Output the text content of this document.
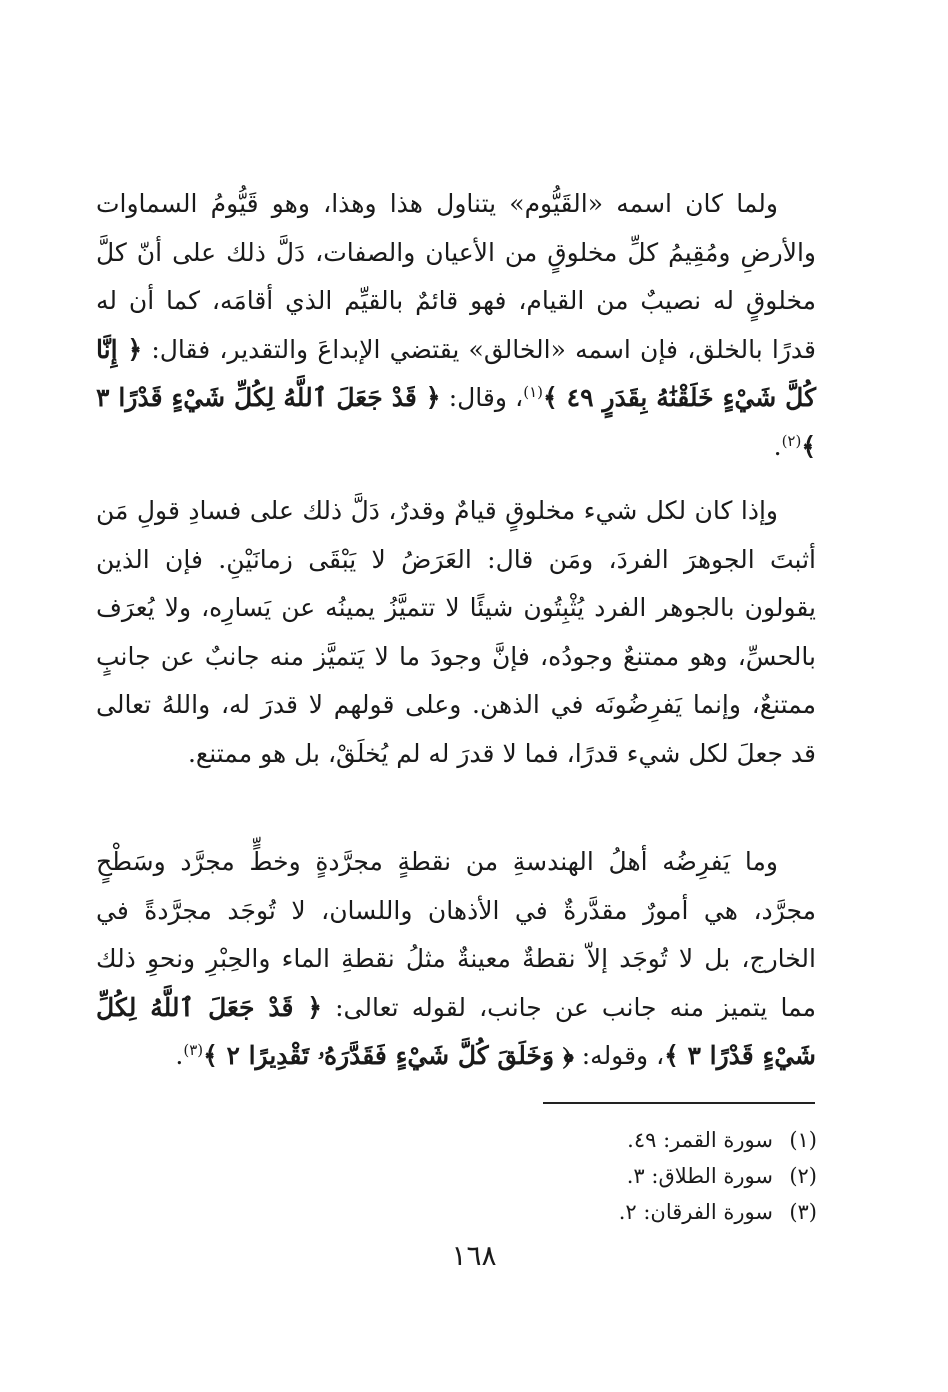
ولما كان اسمه «القَيُّوم» يتناول هذا وهذا، وهو قَيُّومُ السماوات والأرضِ ومُقِيمُ كلِّ مخلوقٍ من الأعيان والصفات، دَلَّ ذلك على أنّ كلَّ مخلوقٍ له نصيبٌ من القيام، فهو قائمٌ بالقيِّم الذي أقامَه، كما أن له قدرًا بالخلق، فإن اسمه «الخالق» يقتضي الإبداعَ والتقدير، فقال: ﴿ إِنَّا كُلَّ شَيْءٍ خَلَقْنَٰهُ بِقَدَرٍ ٤٩ ﴾$^{(١)}$، وقال: ﴿ قَدْ جَعَلَ ٱللَّهُ لِكُلِّ شَيْءٍ قَدْرًا ٣ ﴾$^{(٢)}$.

وإذا كان لكل شيء مخلوقٍ قيامٌ وقدرٌ، دَلَّ ذلك على فسادِ قولِ مَن أثبتَ الجوهرَ الفردَ، ومَن قال: العَرَضُ لا يَبْقَى زمانَيْنِ. فإن الذين يقولون بالجوهر الفرد يُثْبِتُون شيئًا لا تتميَّزُ يمينُه عن يَسارِه، ولا يُعرَف بالحسِّ، وهو ممتنعٌ وجودُه، فإنَّ وجودَ ما لا يَتميَّز منه جانبٌ عن جانبٍ ممتنعٌ، وإنما يَفرِضُونَه في الذهن. وعلى قولهم لا قدرَ له، واللهُ تعالى قد جعلَ لكل شيء قدرًا، فما لا قدرَ له لم يُخلَقْ، بل هو ممتنع.

وما يَفرِضُه أهلُ الهندسةِ من نقطةٍ مجرَّدةٍ وخطٍّ مجرَّد وسَطْحٍ مجرَّد، هي أمورٌ مقدَّرةٌ في الأذهان واللسان، لا تُوجَد مجرَّدةً في الخارج، بل لا تُوجَد إلاّ نقطةٌ معينةٌ مثلُ نقطةِ الماء والحِبْرِ ونحوِ ذلك مما يتميز منه جانب عن جانب، لقوله تعالى: ﴿ قَدْ جَعَلَ ٱللَّهُ لِكُلِّ شَيْءٍ قَدْرًا ٣ ﴾، وقوله: ﴿ وَخَلَقَ كُلَّ شَيْءٍ فَقَدَّرَهُۥ تَقْدِيرًا ٢ ﴾$^{(٣)}$.

(١)سورة القمر: ٤٩.
(٢)سورة الطلاق: ٣.
(٣)سورة الفرقان: ٢.
١٦٨
